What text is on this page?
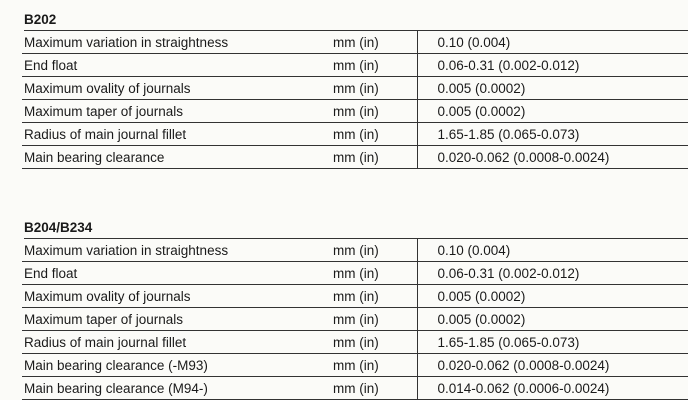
B202
Maximum variation in straightness	mm (in)	0.10 (0.004)
End float	mm (in)	0.06-0.31 (0.002-0.012)
Maximum ovality of journals	mm (in)	0.005 (0.0002)
Maximum taper of journals	mm (in)	0.005 (0.0002)
Radius of main journal fillet	mm (in)	1.65-1.85 (0.065-0.073)
Main bearing clearance	mm (in)	0.020-0.062 (0.0008-0.0024)
B204/B234
Maximum variation in straightness	mm (in)	0.10 (0.004)
End float	mm (in)	0.06-0.31 (0.002-0.012)
Maximum ovality of journals	mm (in)	0.005 (0.0002)
Maximum taper of journals	mm (in)	0.005 (0.0002)
Radius of main journal fillet	mm (in)	1.65-1.85 (0.065-0.073)
Main bearing clearance (-M93)	mm (in)	0.020-0.062 (0.0008-0.0024)
Main bearing clearance (M94-)	mm (in)	0.014-0.062 (0.0006-0.0024)
